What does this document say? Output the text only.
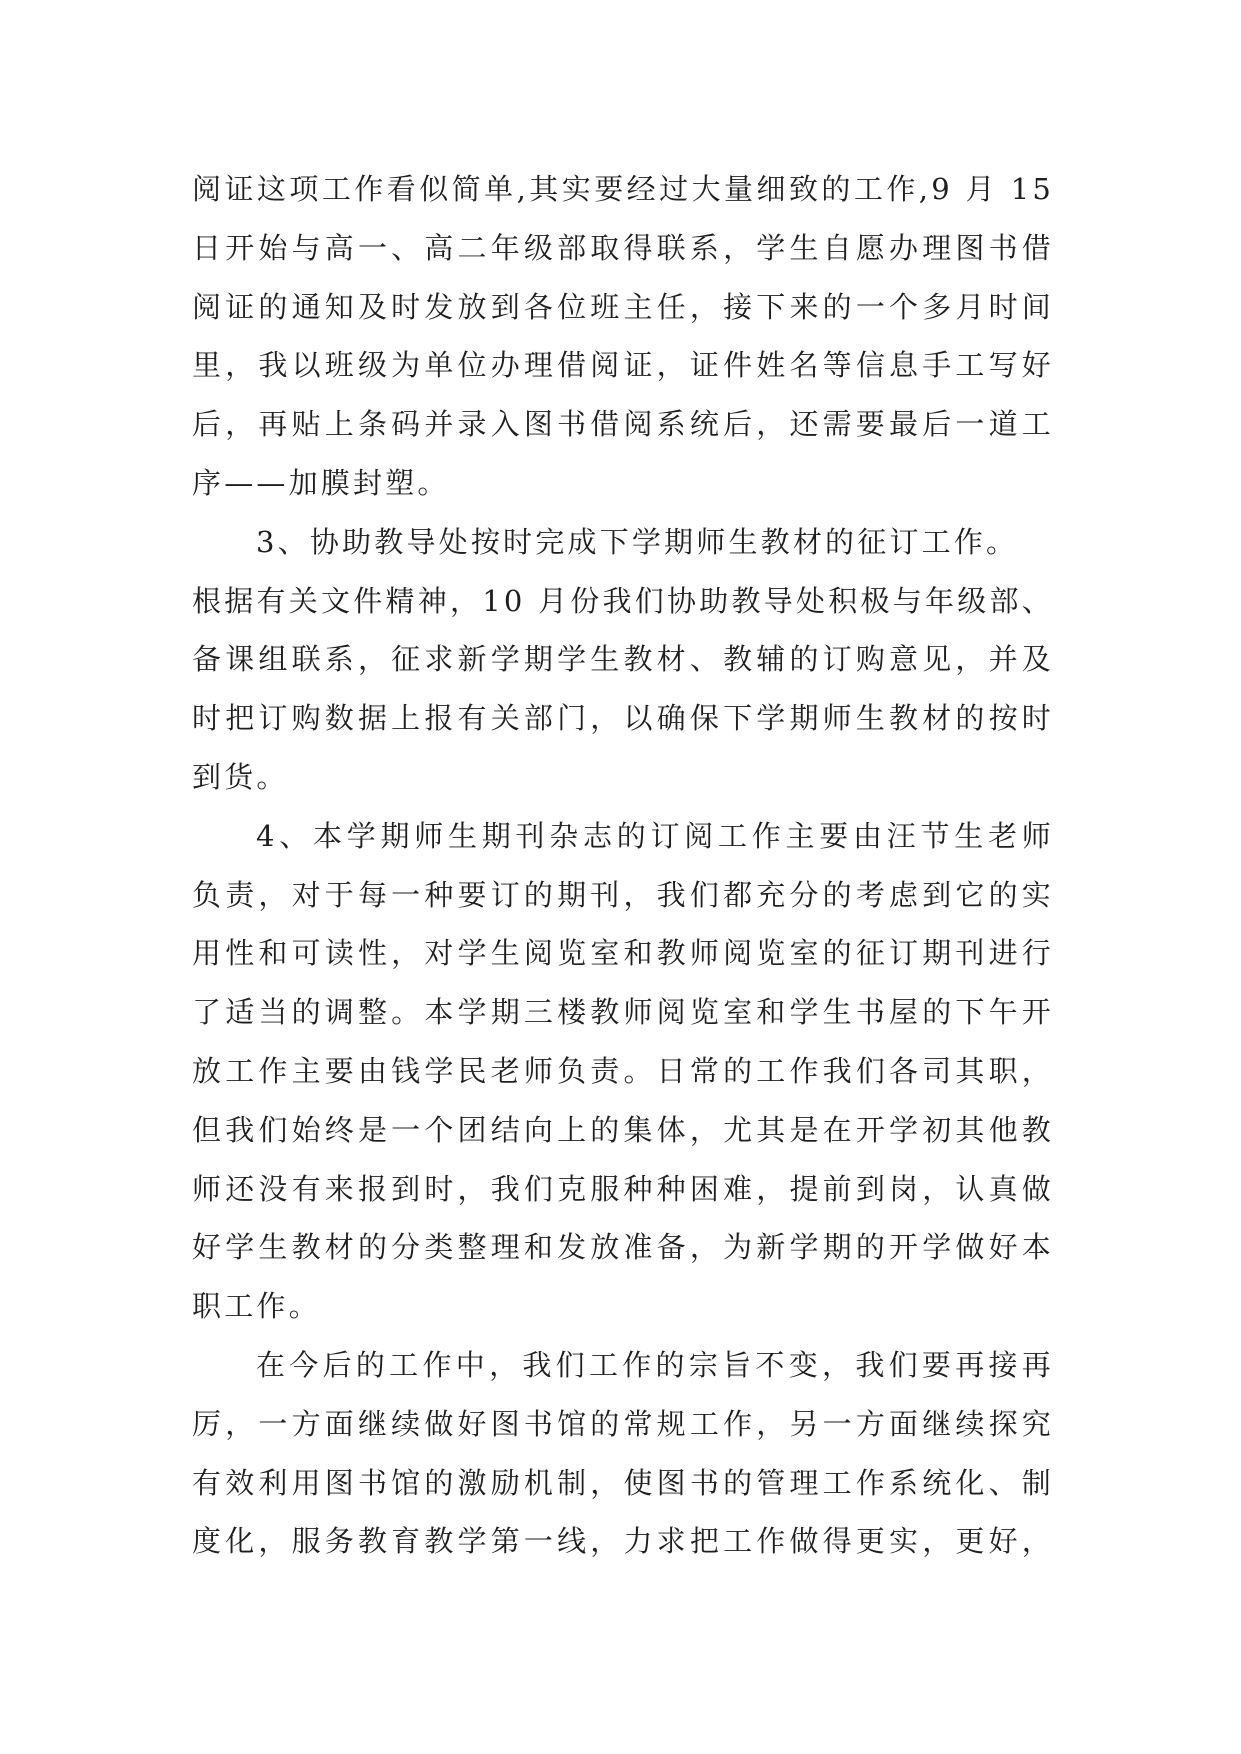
阅证这项工作看似简单,其实要经过大量细致的工作,9 月 15
日开始与高一、高二年级部取得联系，学生自愿办理图书借
阅证的通知及时发放到各位班主任，接下来的一个多月时间
里，我以班级为单位办理借阅证，证件姓名等信息手工写好
后，再贴上条码并录入图书借阅系统后，还需要最后一道工
序——加膜封塑。
3、协助教导处按时完成下学期师生教材的征订工作。
根据有关文件精神，10 月份我们协助教导处积极与年级部、
备课组联系，征求新学期学生教材、教辅的订购意见，并及
时把订购数据上报有关部门，以确保下学期师生教材的按时
到货。
4、本学期师生期刊杂志的订阅工作主要由汪节生老师
负责，对于每一种要订的期刊，我们都充分的考虑到它的实
用性和可读性，对学生阅览室和教师阅览室的征订期刊进行
了适当的调整。本学期三楼教师阅览室和学生书屋的下午开
放工作主要由钱学民老师负责。日常的工作我们各司其职，
但我们始终是一个团结向上的集体，尤其是在开学初其他教
师还没有来报到时，我们克服种种困难，提前到岗，认真做
好学生教材的分类整理和发放准备，为新学期的开学做好本
职工作。
在今后的工作中，我们工作的宗旨不变，我们要再接再
厉，一方面继续做好图书馆的常规工作，另一方面继续探究
有效利用图书馆的激励机制，使图书的管理工作系统化、制
度化，服务教育教学第一线，力求把工作做得更实，更好，
